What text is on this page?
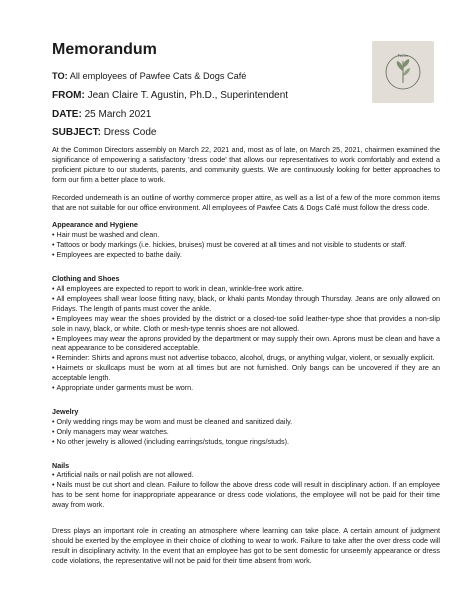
Memorandum	Pawfee
TO: All employees of Pawfee Cats & Dogs Café
FROM: Jean Claire T. Agustin, Ph.D., Superintendent
DATE: 25 March 2021
SUBJECT: Dress Code

At the Common Directors assembly on March 22, 2021 and, most as of late, on March 25, 2021, chairmen examined the significance of empowering a satisfactory 'dress code' that allows our representatives to work comfortably and extend a proficient picture to our students, parents, and community guests. We are continuously looking for better approaches to form our firm a better place to work.

Recorded underneath is an outline of worthy commerce proper attire, as well as a list of a few of the more common items that are not suitable for our office environment. All employees of Pawfee Cats & Dogs Café must follow the dress code.

Appearance and Hygiene
• Hair must be washed and clean.
• Tattoos or body markings (i.e. hickies, bruises) must be covered at all times and not visible to students or staff.
• Employees are expected to bathe daily.
Clothing and Shoes
• All employees are expected to report to work in clean, wrinkle-free work attire.
• All employees shall wear loose fitting navy, black, or khaki pants Monday through Thursday. Jeans are only allowed on Fridays. The length of pants must cover the ankle.
• Employees may wear the shoes provided by the district or a closed-toe solid leather-type shoe that provides a non-slip sole in navy, black, or white. Cloth or mesh-type tennis shoes are not allowed.
• Employees may wear the aprons provided by the department or may supply their own. Aprons must be clean and have a neat appearance to be considered acceptable.
• Reminder: Shirts and aprons must not advertise tobacco, alcohol, drugs, or anything vulgar, violent, or sexually explicit.
• Hairnets or skullcaps must be worn at all times but are not furnished. Only bangs can be uncovered if they are an acceptable length.
• Appropriate under garments must be worn.
Jewelry
• Only wedding rings may be worn and must be cleaned and sanitized daily.
• Only managers may wear watches.
• No other jewelry is allowed (including earrings/studs, tongue rings/studs).
Nails
• Artificial nails or nail polish are not allowed.
• Nails must be cut short and clean. Failure to follow the above dress code will result in disciplinary action. If an employee has to be sent home for inappropriate appearance or dress code violations, the employee will not be paid for their time away from work.

Dress plays an important role in creating an atmosphere where learning can take place. A certain amount of judgment should be exerted by the employee in their choice of clothing to wear to work. Failure to take after the over dress code will result in disciplinary activity. In the event that an employee has got to be sent domestic for unseemly appearance or dress code violations, the representative will not be paid for their time absent from work.
